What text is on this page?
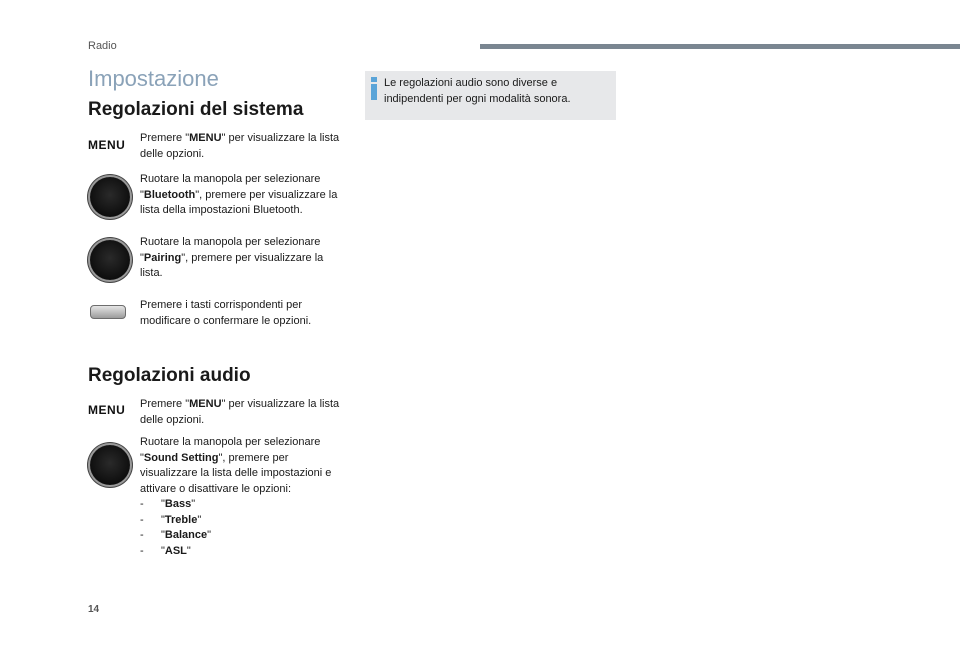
Radio
Impostazione
Regolazioni del sistema
MENU Premere "MENU" per visualizzare la lista delle opzioni.

Ruotare la manopola per selezionare "Bluetooth", premere per visualizzare la lista della impostazioni Bluetooth.

Ruotare la manopola per selezionare "Pairing", premere per visualizzare la lista.

Premere i tasti corrispondenti per modificare o confermare le opzioni.

Regolazioni audio
MENU Premere "MENU" per visualizzare la lista delle opzioni.

Ruotare la manopola per selezionare "Sound Setting", premere per visualizzare la lista delle impostazioni e attivare o disattivare le opzioni:

- "Bass"
- "Treble"
- "Balance"
- "ASL"

Le regolazioni audio sono diverse e indipendenti per ogni modalità sonora.

14
